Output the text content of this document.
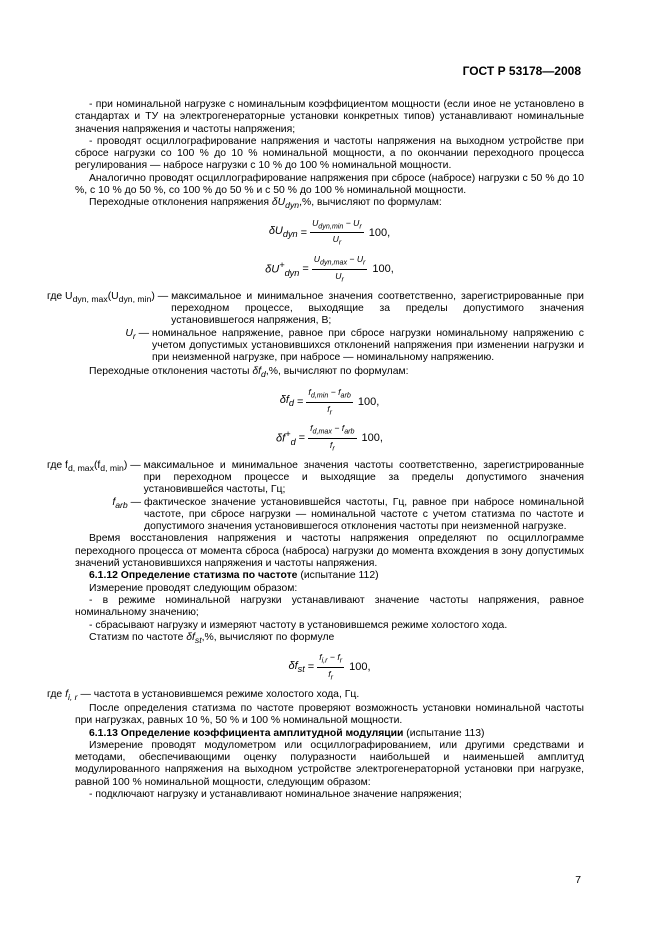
ГОСТ Р 53178—2008

- при номинальной нагрузке с номинальным коэффициентом мощности (если иное не установлено в стандартах и ТУ на электрогенераторные установки конкретных типов) устанавливают номинальные значения напряжения и частоты напряжения;

- проводят осциллографирование напряжения и частоты напряжения на выходном устройстве при сбросе нагрузки со 100 % до 10 % номинальной мощности, а по окончании переходного процесса регулирования — набросе нагрузки с 10 % до 100 % номинальной мощности.

Аналогично проводят осциллографирование напряжения при сбросе (набросе) нагрузки с 50 % до 10 %, с 10 % до 50 %, со 100 % до 50 % и с 50 % до 100 % номинальной мощности.

Переходные отклонения напряжения $\delta U_{dyn},\%$, вычисляют по формулам:

$\delta U_{dyn} = \frac{U_{dyn,min} - U_r}{U_r} 100$,
$\delta U^+_{dyn} = \frac{U_{dyn,max} - U_r}{U_r} 100$,
где $U_{dyn, max}(U_{dyn, min})$ — максимальное и минимальное значения соответственно, зарегистрированные при переходном процессе, выходящие за пределы допустимого значения установившегося напряжения, В;
$U_r$ — номинальное напряжение, равное при сбросе нагрузки номинальному напряжению с учетом допустимых установившихся отклонений напряжения при изменении нагрузки и при неизменной нагрузке, при набросе — номинальному напряжению.

Переходные отклонения частоты $\delta f_d,\%$, вычисляют по формулам:

$\delta f_d = \frac{f_{d,min} - f_{arb}}{f_r} 100$,
$\delta f^+_d = \frac{f_{d,max} - f_{arb}}{f_r} 100$,
где $f_{d, max}(f_{d, min})$ — максимальное и минимальное значения частоты соответственно, зарегистрированные при переходном процессе и выходящие за пределы допустимого значения установившейся частоты, Гц;
$f_{arb}$ — фактическое значение установившейся частоты, Гц, равное при набросе номинальной частоте, при сбросе нагрузки — номинальной частоте с учетом статизма по частоте и допустимого значения установившегося отклонения частоты при неизменной нагрузке.

Время восстановления напряжения и частоты напряжения определяют по осциллограмме переходного процесса от момента сброса (наброса) нагрузки до момента вхождения в зону допустимых значений установившихся напряжения и частоты напряжения.

6.1.12 Определение статизма по частоте (испытание 112)

Измерение проводят следующим образом:

- в режиме номинальной нагрузки устанавливают значение частоты напряжения, равное номинальному значению;

- сбрасывают нагрузку и измеряют частоту в установившемся режиме холостого хода.

Статизм по частоте $\delta f_{st},\%$, вычисляют по формуле

$\delta f_{st} = \frac{f_{i,r} - f_r}{f_r} 100$,

где $f_{i, r}$ — частота в установившемся режиме холостого хода, Гц.

После определения статизма по частоте проверяют возможность установки номинальной частоты при нагрузках, равных 10 %, 50 % и 100 % номинальной мощности.

6.1.13 Определение коэффициента амплитудной модуляции (испытание 113)

Измерение проводят модулометром или осциллографированием, или другими средствами и методами, обеспечивающими оценку полуразности наибольшей и наименьшей амплитуд модулированного напряжения на выходном устройстве электрогенераторной установки при нагрузке, равной 100 % номинальной мощности, следующим образом:

- подключают нагрузку и устанавливают номинальное значение напряжения;

7
